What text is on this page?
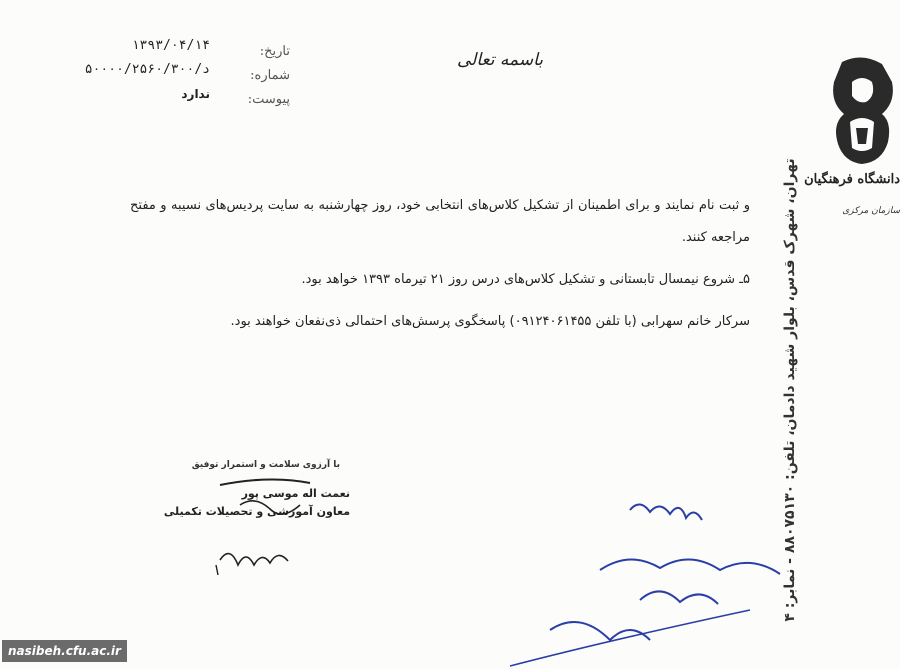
تاریخ:
شماره:
پیوست:
۱۳۹۳/۰۴/۱۴
د/۵۰۰۰۰/۲۵۶۰/۳۰۰
ندارد
باسمه تعالی
دانشگاه فرهنگیان
سازمان مرکزی
تهران، شهرک قدس، بلوار شهید دادمان، تلفن: ۸۸۰۷۵۱۳۰ - نمابر: ۴

و ثبت نام نمایند و برای اطمینان از تشکیل کلاس‌های انتخابی خود، روز چهارشنبه به سایت پردیس‌های نسیبه و مفتح مراجعه کنند.

۵ـ شروع نیمسال تابستانی و تشکیل کلاس‌های درس روز ۲۱ تیرماه ۱۳۹۳ خواهد بود.

سرکار خانم سهرابی (با تلفن ۰۹۱۲۴۰۶۱۴۵۵) پاسخگوی پرسش‌های احتمالی ذی‌نفعان خواهند بود.

با آرزوی سلامت و استمرار توفیق
نعمت اله موسی پور
معاون آموزشی و تحصیلات تکمیلی
nasibeh.cfu.ac.ir
